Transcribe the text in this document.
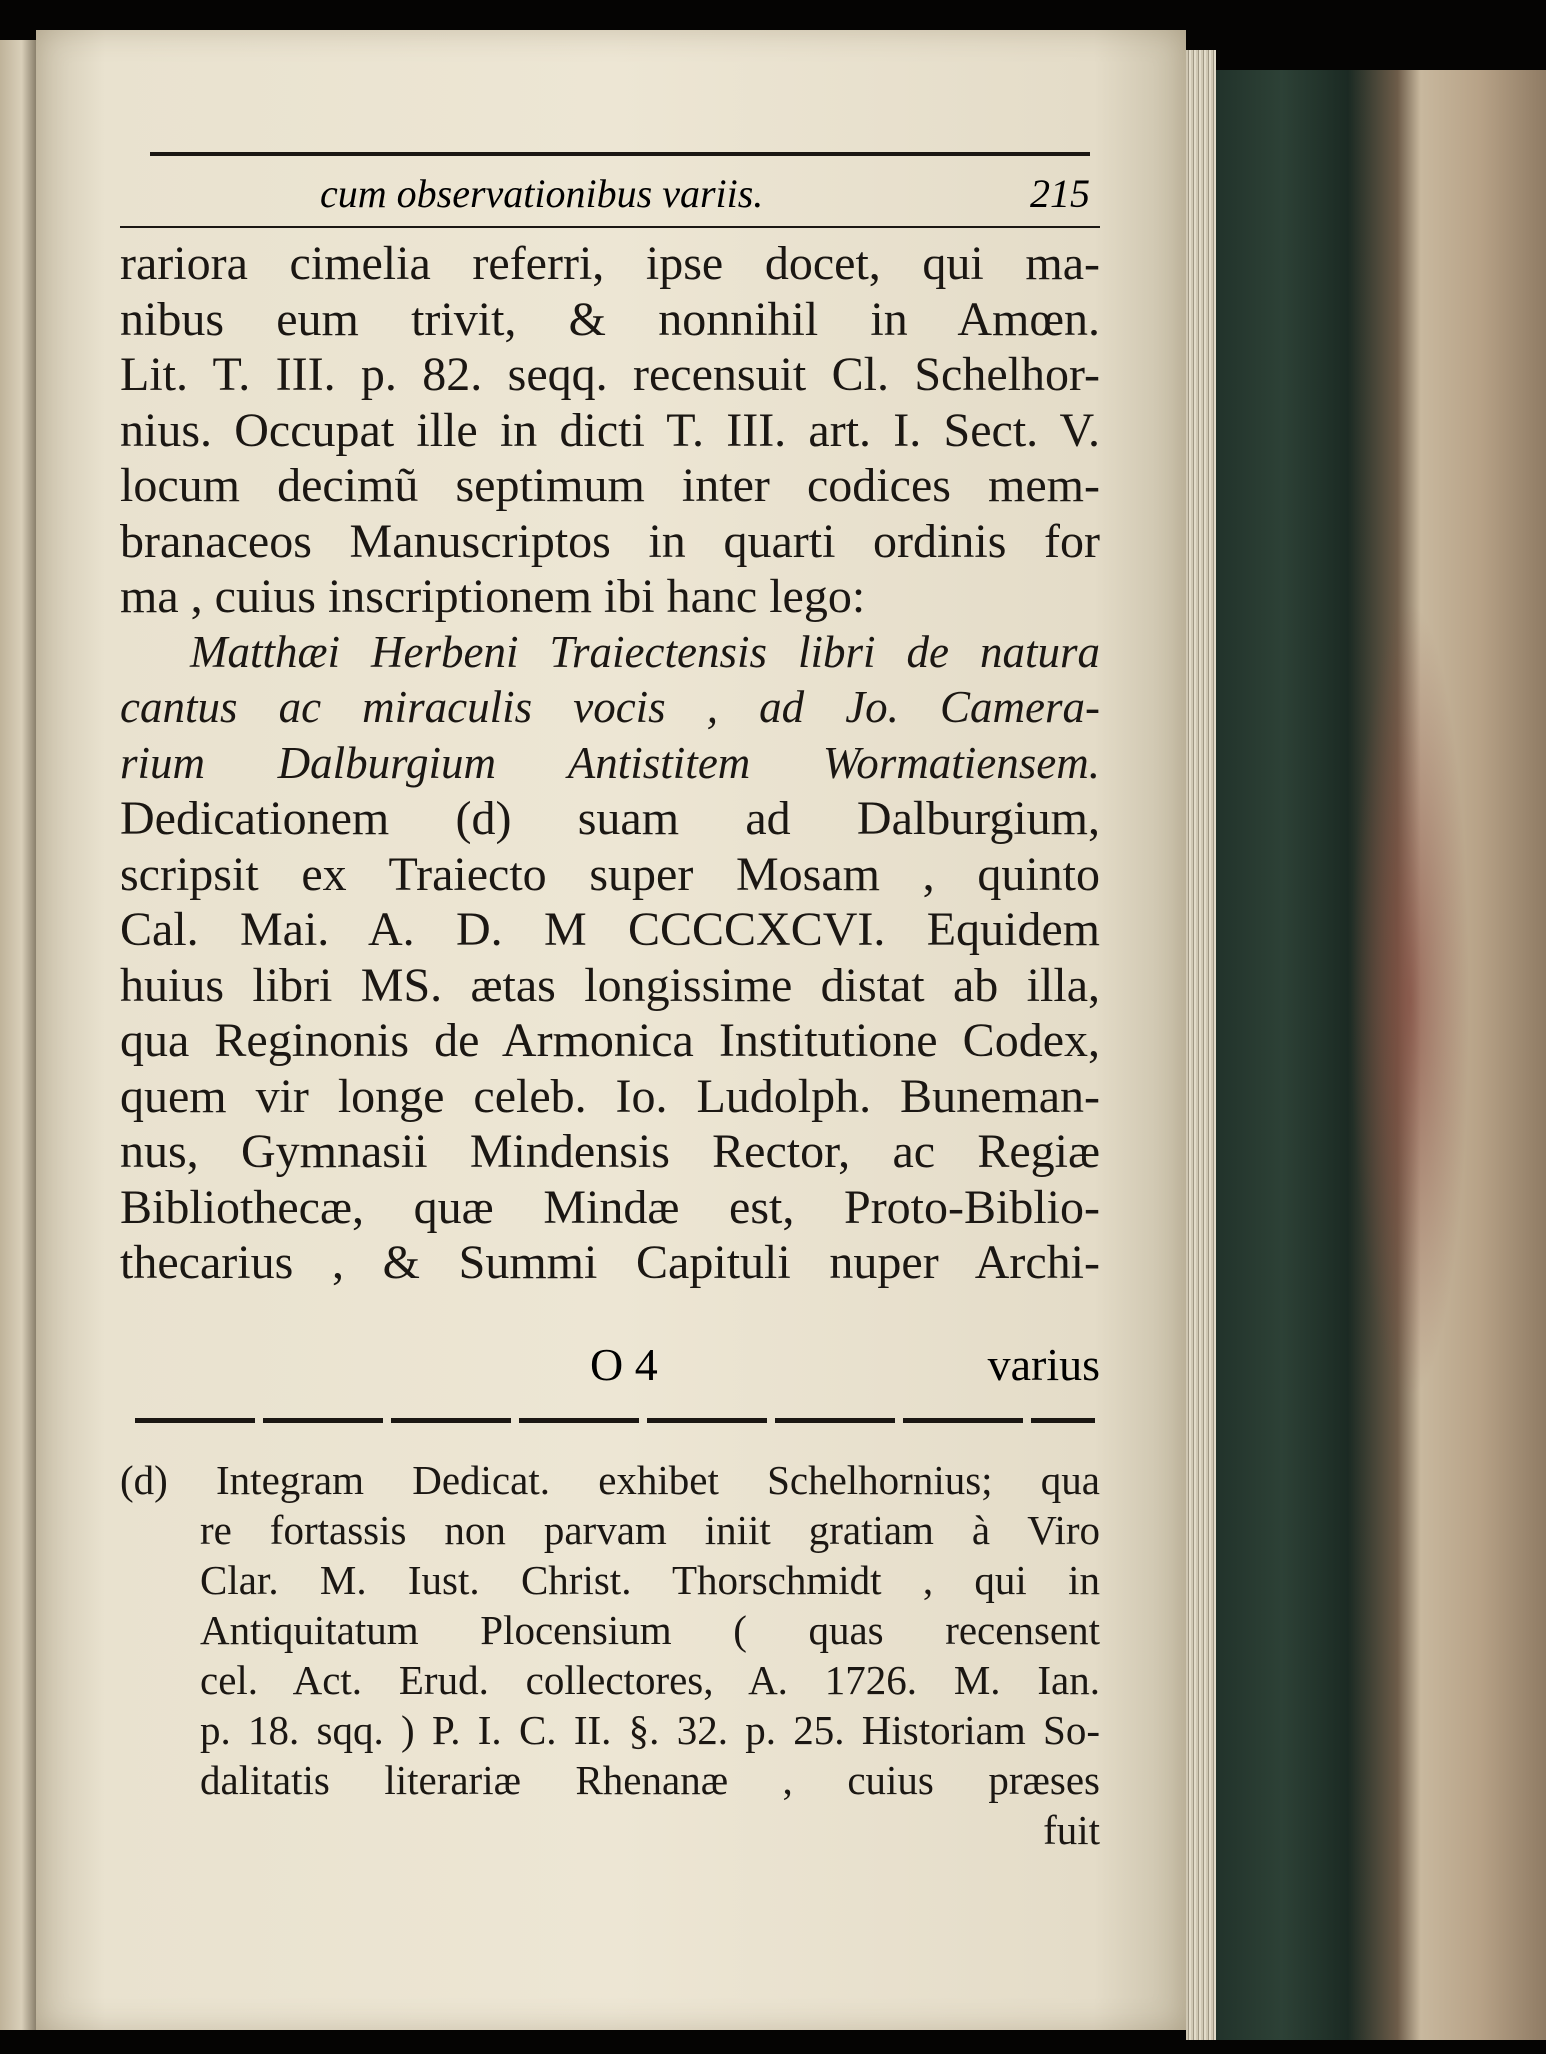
cum observationibus variis.	215
rariora cimelia referri, ipse docet, qui ma-
nibus eum trivit, & nonnihil in Amœn.
Lit. T. III. p. 82. seqq. recensuit Cl. Schelhor-
nius. Occupat ille in dicti T. III. art. I. Sect. V.
locum decimũ septimum inter codices mem-
branaceos Manuscriptos in quarti ordinis for
ma , cuius inscriptionem ibi hanc lego:
Matthæi Herbeni Traiectensis libri de natura
cantus ac miraculis vocis , ad Jo. Camera-
rium Dalburgium Antistitem Wormatiensem.
Dedicationem (d) suam ad Dalburgium,
scripsit ex Traiecto super Mosam , quinto
Cal. Mai. A. D. M CCCCXCVI. Equidem
huius libri MS. ætas longissime distat ab illa,
qua Reginonis de Armonica Institutione Codex,
quem vir longe celeb. Io. Ludolph. Buneman-
nus, Gymnasii Mindensis Rector, ac Regiæ
Bibliothecæ, quæ Mindæ est, Proto-Biblio-
thecarius , & Summi Capituli nuper Archi-
O 4	varius
(d) Integram Dedicat. exhibet Schelhornius; qua
re fortassis non parvam iniit gratiam à Viro
Clar. M. Iust. Christ. Thorschmidt , qui in
Antiquitatum Plocensium ( quas recensent
cel. Act. Erud. collectores, A. 1726. M. Ian.
p. 18. sqq. ) P. I. C. II. §. 32. p. 25. Historiam So-
dalitatis literariæ Rhenanæ , cuius præses
fuit
